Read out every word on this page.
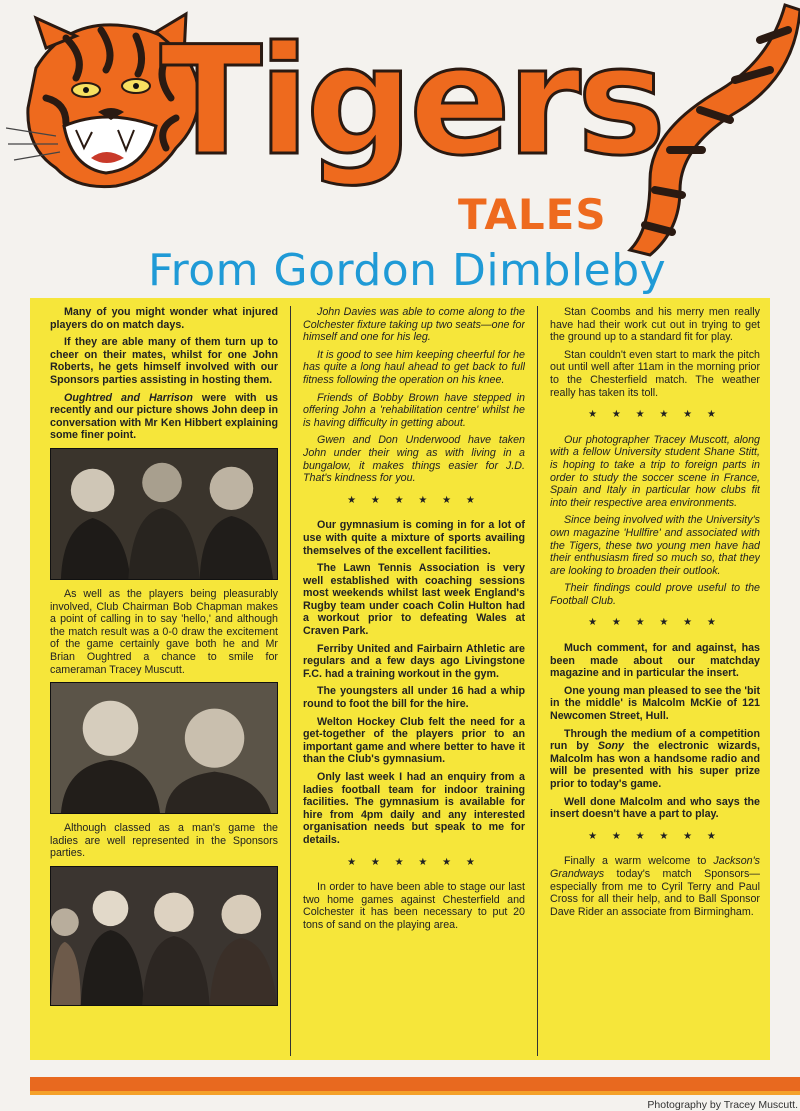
Tigers
TALES
From Gordon Dimbleby

Many of you might wonder what injured players do on match days.

If they are able many of them turn up to cheer on their mates, whilst for one John Roberts, he gets himself involved with our Sponsors parties assisting in hosting them.

Oughtred and Harrison were with us recently and our picture shows John deep in conversation with Mr Ken Hibbert explaining some finer point.

As well as the players being pleasurably involved, Club Chairman Bob Chapman makes a point of calling in to say 'hello,' and although the match result was a 0-0 draw the excitement of the game certainly gave both he and Mr Brian Oughtred a chance to smile for cameraman Tracey Muscutt.

Although classed as a man's game the ladies are well represented in the Sponsors parties.

John Davies was able to come along to the Colchester fixture taking up two seats—one for himself and one for his leg.

It is good to see him keeping cheerful for he has quite a long haul ahead to get back to full fitness following the operation on his knee.

Friends of Bobby Brown have stepped in offering John a 'rehabilitation centre' whilst he is having difficulty in getting about.

Gwen and Don Underwood have taken John under their wing as with living in a bungalow, it makes things easier for J.D. That's kindness for you.

★ ★ ★ ★ ★ ★

Our gymnasium is coming in for a lot of use with quite a mixture of sports availing themselves of the excellent facilities.

The Lawn Tennis Association is very well established with coaching sessions most weekends whilst last week England's Rugby team under coach Colin Hulton had a workout prior to defeating Wales at Craven Park.

Ferriby United and Fairbairn Athletic are regulars and a few days ago Livingstone F.C. had a training workout in the gym.

The youngsters all under 16 had a whip round to foot the bill for the hire.

Welton Hockey Club felt the need for a get-together of the players prior to an important game and where better to have it than the Club's gymnasium.

Only last week I had an enquiry from a ladies football team for indoor training facilities. The gymnasium is available for hire from 4pm daily and any interested organisation needs but speak to me for details.

★ ★ ★ ★ ★ ★

In order to have been able to stage our last two home games against Chesterfield and Colchester it has been necessary to put 20 tons of sand on the playing area.

Stan Coombs and his merry men really have had their work cut out in trying to get the ground up to a standard fit for play.

Stan couldn't even start to mark the pitch out until well after 11am in the morning prior to the Chesterfield match. The weather really has taken its toll.

★ ★ ★ ★ ★ ★

Our photographer Tracey Muscott, along with a fellow University student Shane Stitt, is hoping to take a trip to foreign parts in order to study the soccer scene in France, Spain and Italy in particular how clubs fit into their respective area environments.

Since being involved with the University's own magazine 'Hullfire' and associated with the Tigers, these two young men have had their enthusiasm fired so much so, that they are looking to broaden their outlook.

Their findings could prove useful to the Football Club.

★ ★ ★ ★ ★ ★

Much comment, for and against, has been made about our matchday magazine and in particular the insert.

One young man pleased to see the 'bit in the middle' is Malcolm McKie of 121 Newcomen Street, Hull.

Through the medium of a competition run by Sony the electronic wizards, Malcolm has won a handsome radio and will be presented with his super prize prior to today's game.

Well done Malcolm and who says the insert doesn't have a part to play.

★ ★ ★ ★ ★ ★

Finally a warm welcome to Jackson's Grandways today's match Sponsors—especially from me to Cyril Terry and Paul Cross for all their help, and to Ball Sponsor Dave Rider an associate from Birmingham.

Photography by Tracey Muscutt.
